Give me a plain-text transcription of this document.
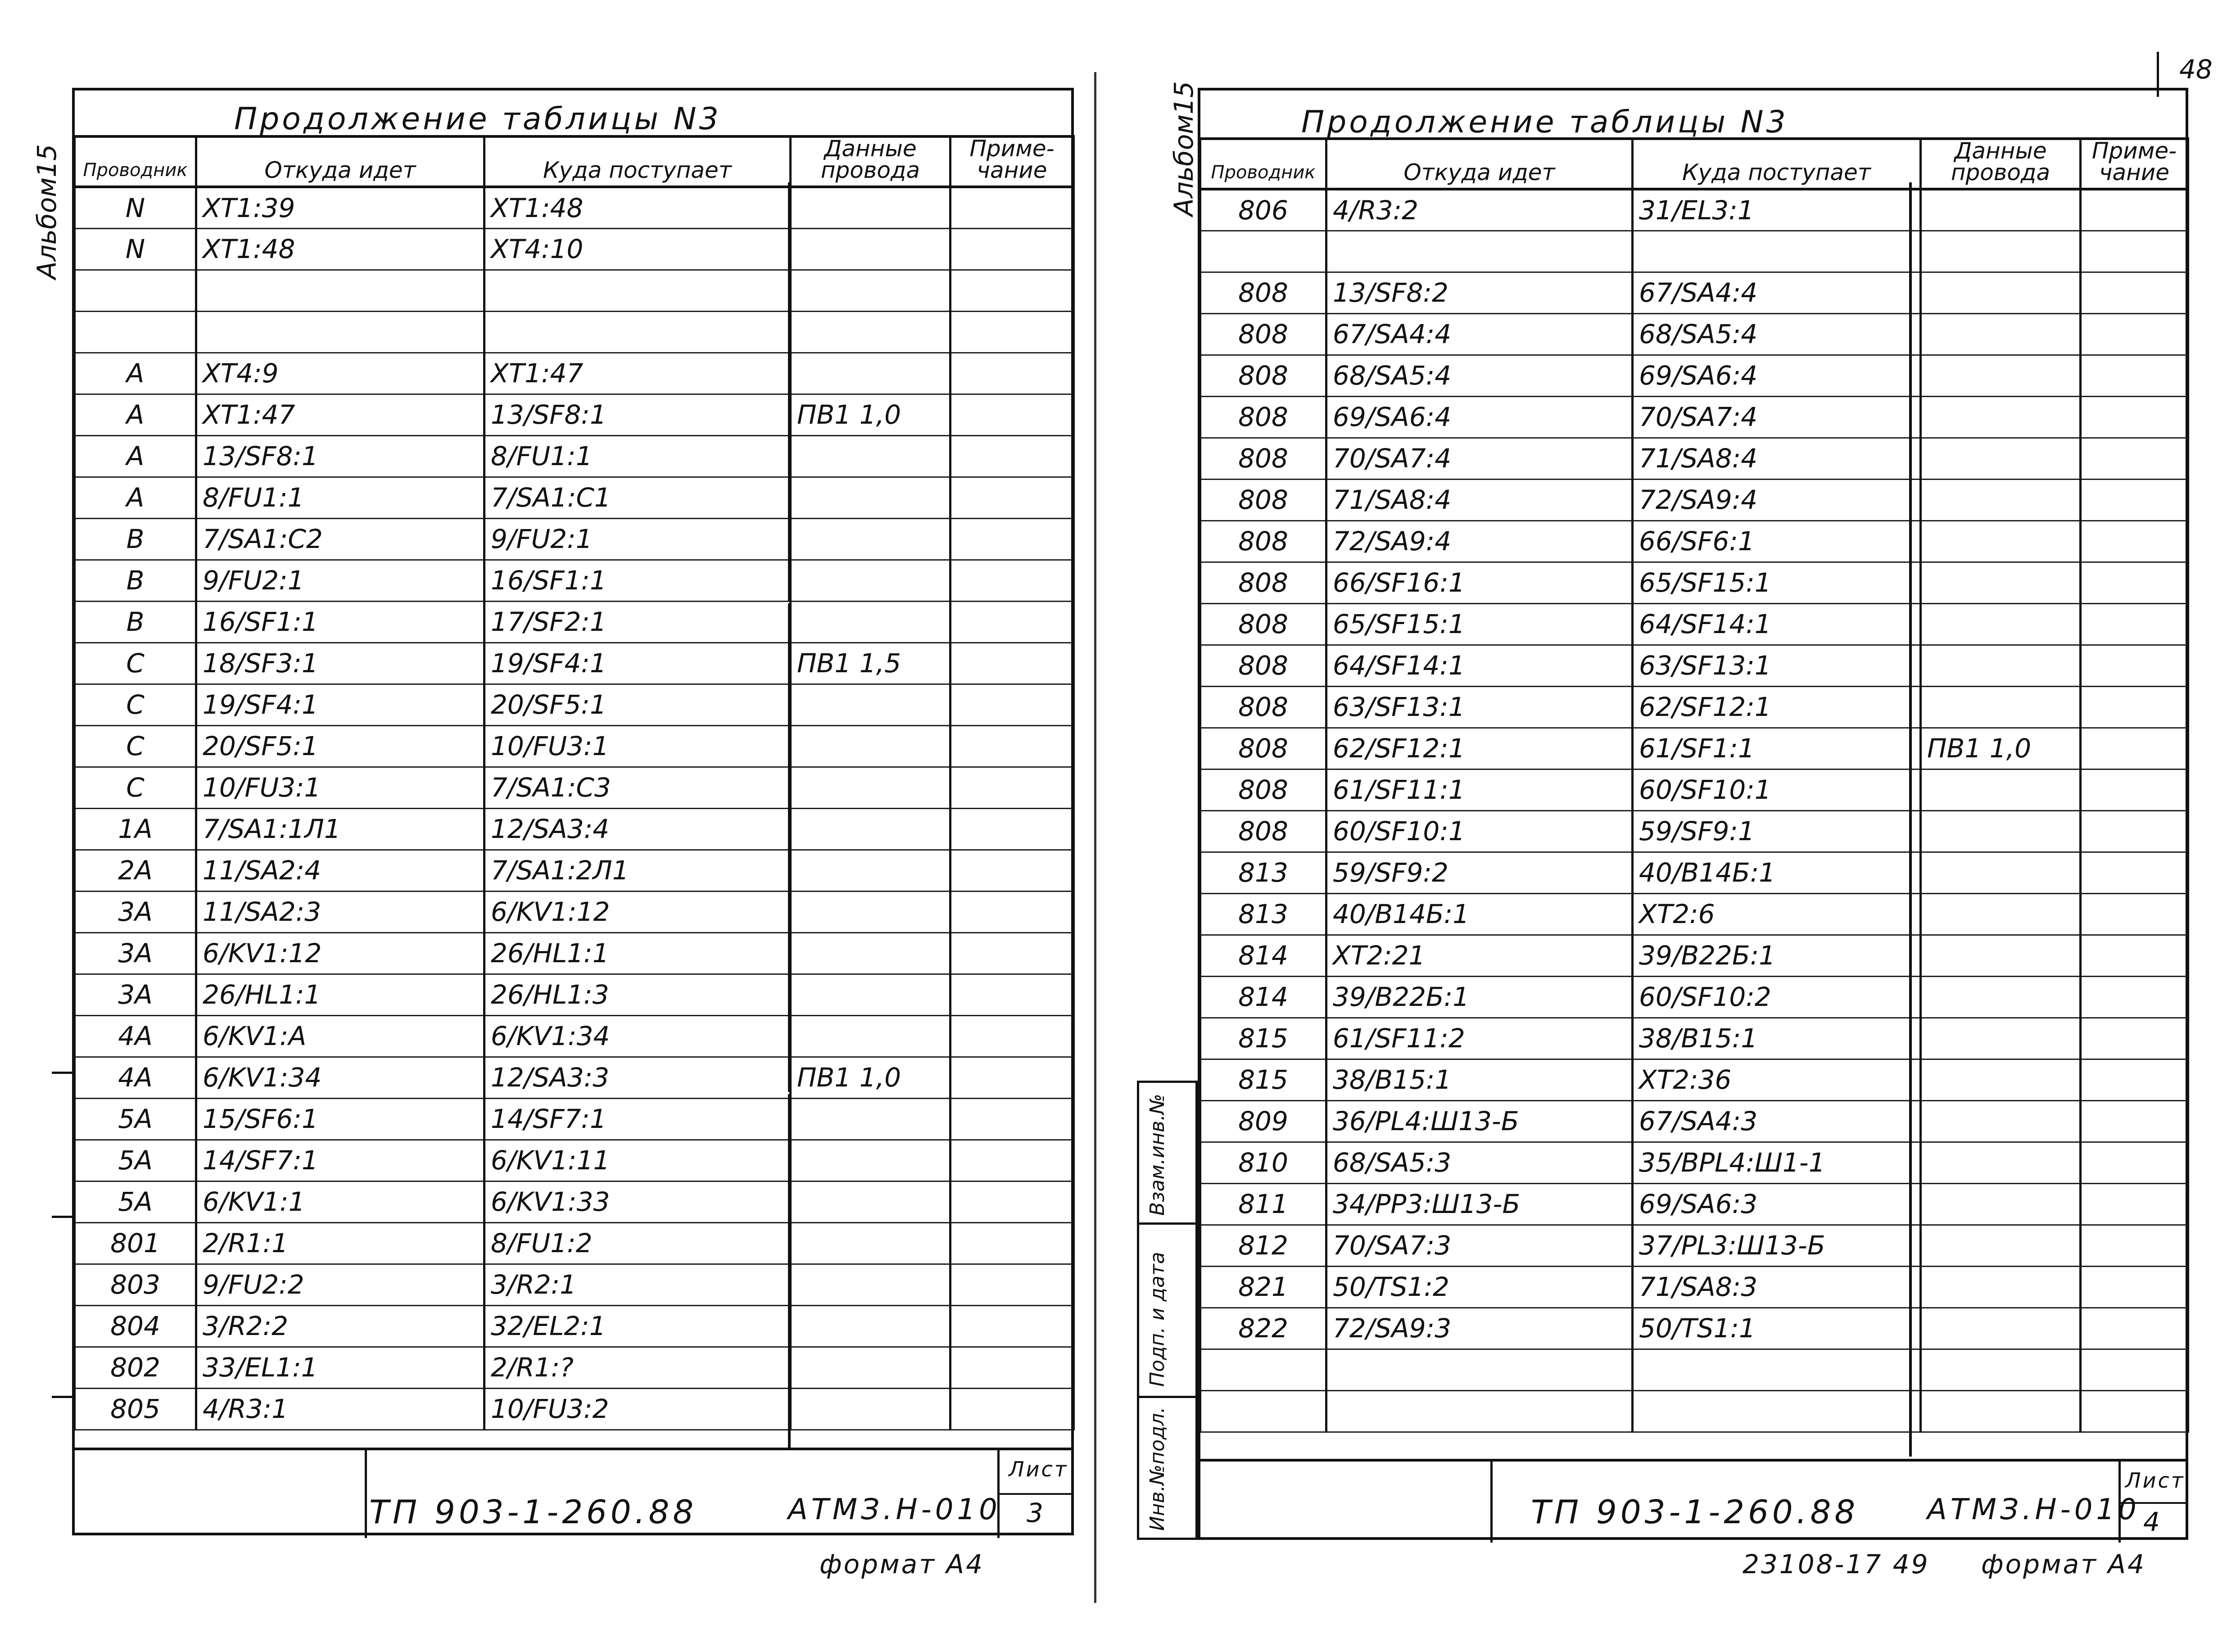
48
Альбом15
Продолжение таблицы N3
Проводник	Откуда идет	Куда поступает	Данные провода	Приме- чание
N	XT1:39	XT1:48		
N	XT1:48	XT4:10		

A	XT4:9	XT1:47		
A	XT1:47	13/SF8:1	ПВ1 1,0	
A	13/SF8:1	8/FU1:1		
A	8/FU1:1	7/SA1:C1		
B	7/SA1:C2	9/FU2:1		
B	9/FU2:1	16/SF1:1		
B	16/SF1:1	17/SF2:1		
C	18/SF3:1	19/SF4:1	ПВ1 1,5	
C	19/SF4:1	20/SF5:1		
C	20/SF5:1	10/FU3:1		
C	10/FU3:1	7/SA1:C3		
1A	7/SA1:1Л1	12/SA3:4		
2A	11/SA2:4	7/SA1:2Л1		
3A	11/SA2:3	6/KV1:12		
3A	6/KV1:12	26/HL1:1		
3A	26/HL1:1	26/HL1:3		
4A	6/KV1:A	6/KV1:34		
4A	6/KV1:34	12/SA3:3	ПВ1 1,0	
5A	15/SF6:1	14/SF7:1		
5A	14/SF7:1	6/KV1:11		
5A	6/KV1:1	6/KV1:33		
801	2/R1:1	8/FU1:2		
803	9/FU2:2	3/R2:1		
804	3/R2:2	32/EL2:1		
802	33/EL1:1	2/R1:?		
805	4/R3:1	10/FU3:2		
ТП 903-1-260.88	АТМЗ.Н-010
Лист
3
формат А4
Альбом15	Продолжение таблицы N3
Проводник	Откуда идет	Куда поступает	Данные провода	Приме- чание
806	4/R3:2	31/EL3:1		

808	13/SF8:2	67/SA4:4		
808	67/SA4:4	68/SA5:4		
808	68/SA5:4	69/SA6:4		
808	69/SA6:4	70/SA7:4		
808	70/SA7:4	71/SA8:4		
808	71/SA8:4	72/SA9:4		
808	72/SA9:4	66/SF6:1		
808	66/SF16:1	65/SF15:1		
808	65/SF15:1	64/SF14:1		
808	64/SF14:1	63/SF13:1		
808	63/SF13:1	62/SF12:1		
808	62/SF12:1	61/SF1:1	ПВ1 1,0	
808	61/SF11:1	60/SF10:1		
808	60/SF10:1	59/SF9:1		
813	59/SF9:2	40/B14Б:1		
813	40/B14Б:1	XT2:6		
814	XT2:21	39/B22Б:1		
814	39/B22Б:1	60/SF10:2		
815	61/SF11:2	38/B15:1		
815	38/B15:1	XT2:36		
809	36/PL4:Ш13-Б	67/SA4:3		
810	68/SA5:3	35/BPL4:Ш1-1		
811	34/PP3:Ш13-Б	69/SA6:3		
812	70/SA7:3	37/PL3:Ш13-Б		
821	50/TS1:2	71/SA8:3		
822	72/SA9:3	50/TS1:1		

Взам.инв.№
Подп. и дата
Инв.№подл.	ТП 903-1-260.88 АТМЗ.Н-010
Лист
4
23108-17 49 формат А4
